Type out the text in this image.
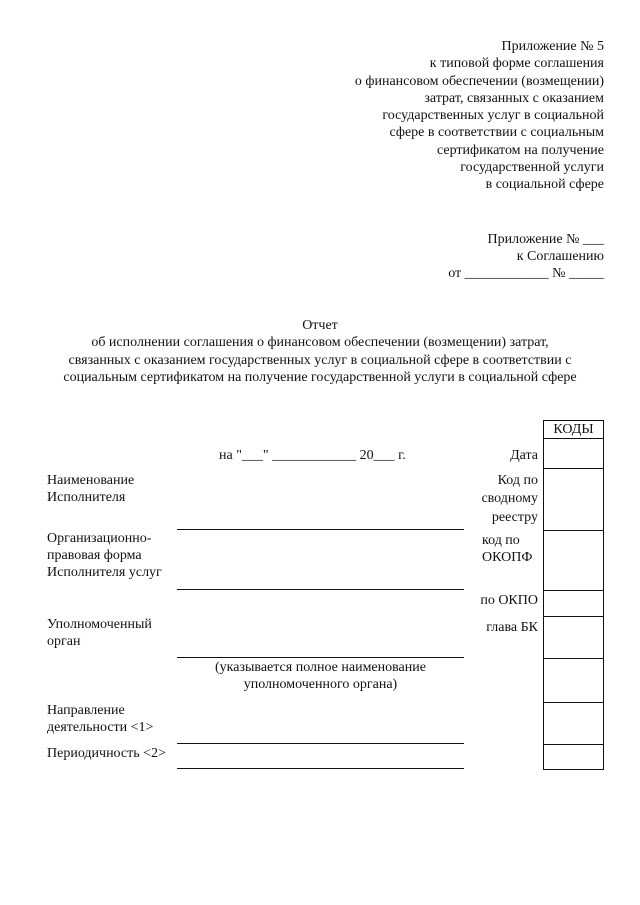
Приложение № 5
к типовой форме соглашения
о финансовом обеспечении (возмещении)
затрат, связанных с оказанием
государственных услуг в социальной
сфере в соответствии с социальным
сертификатом на получение
государственной услуги
в социальной сфере
Приложение № ___
к Соглашению
от ____________ № _____
Отчет
об исполнении соглашения о финансовом обеспечении (возмещении) затрат,
связанных с оказанием государственных услуг в социальной сфере в соответствии с
социальным сертификатом на получение государственной услуги в социальной сфере
КОДЫ
Дата
Код по
сводному
реестру
код по
ОКОПФ
по ОКПО
глава БК
на "___" ____________ 20___ г.
Наименование
Исполнителя
Организационно-
правовая форма
Исполнителя услуг
Уполномоченный
орган
(указывается полное наименование
уполномоченного органа)
Направление
деятельности <1>
Периодичность <2>
